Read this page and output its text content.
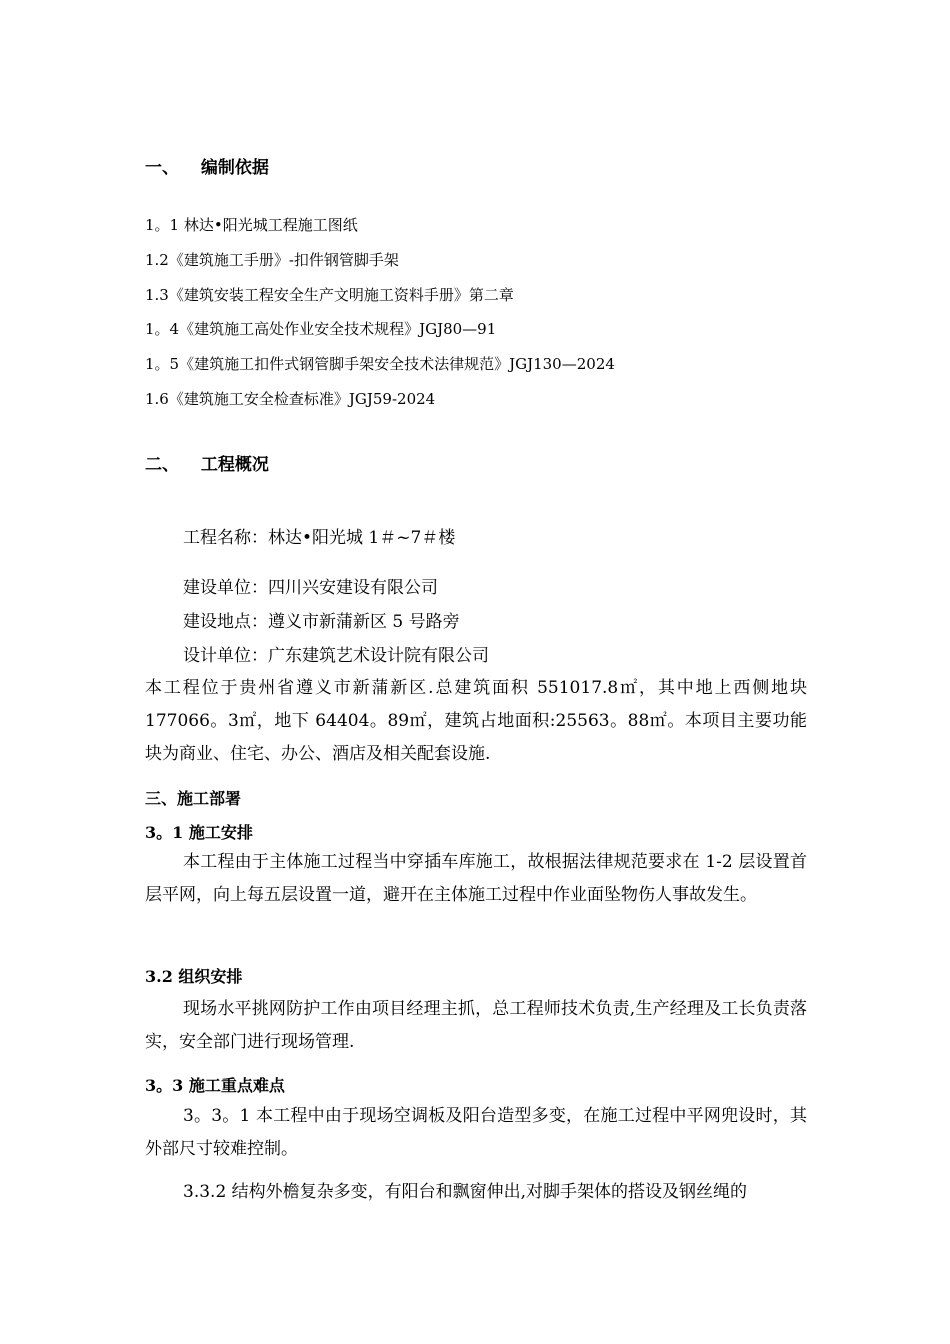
一、 编制依据
1。1 林达•阳光城工程施工图纸
1.2《建筑施工手册》-扣件钢管脚手架
1.3《建筑安装工程安全生产文明施工资料手册》第二章
1。4《建筑施工高处作业安全技术规程》JGJ80—91
1。5《建筑施工扣件式钢管脚手架安全技术法律规范》JGJ130—2024
1.6《建筑施工安全检查标准》JGJ59-2024
二、 工程概况
工程名称：林达•阳光城 1＃~7＃楼
建设单位：四川兴安建设有限公司
建设地点：遵义市新蒲新区 5 号路旁
设计单位：广东建筑艺术设计院有限公司

本工程位于贵州省遵义市新蒲新区.总建筑面积 551017.8㎡，其中地上西侧地块 177066。3㎡，地下 64404。89㎡，建筑占地面积:25563。88㎡。本项目主要功能块为商业、住宅、办公、酒店及相关配套设施.

三、施工部署
3。1 施工安排

本工程由于主体施工过程当中穿插车库施工，故根据法律规范要求在 1-2 层设置首层平网，向上每五层设置一道，避开在主体施工过程中作业面坠物伤人事故发生。

3.2 组织安排

现场水平挑网防护工作由项目经理主抓，总工程师技术负责,生产经理及工长负责落实，安全部门进行现场管理.

3。3 施工重点难点

3。3。1 本工程中由于现场空调板及阳台造型多变，在施工过程中平网兜设时，其外部尺寸较难控制。

3.3.2 结构外檐复杂多变，有阳台和飘窗伸出,对脚手架体的搭设及钢丝绳的
